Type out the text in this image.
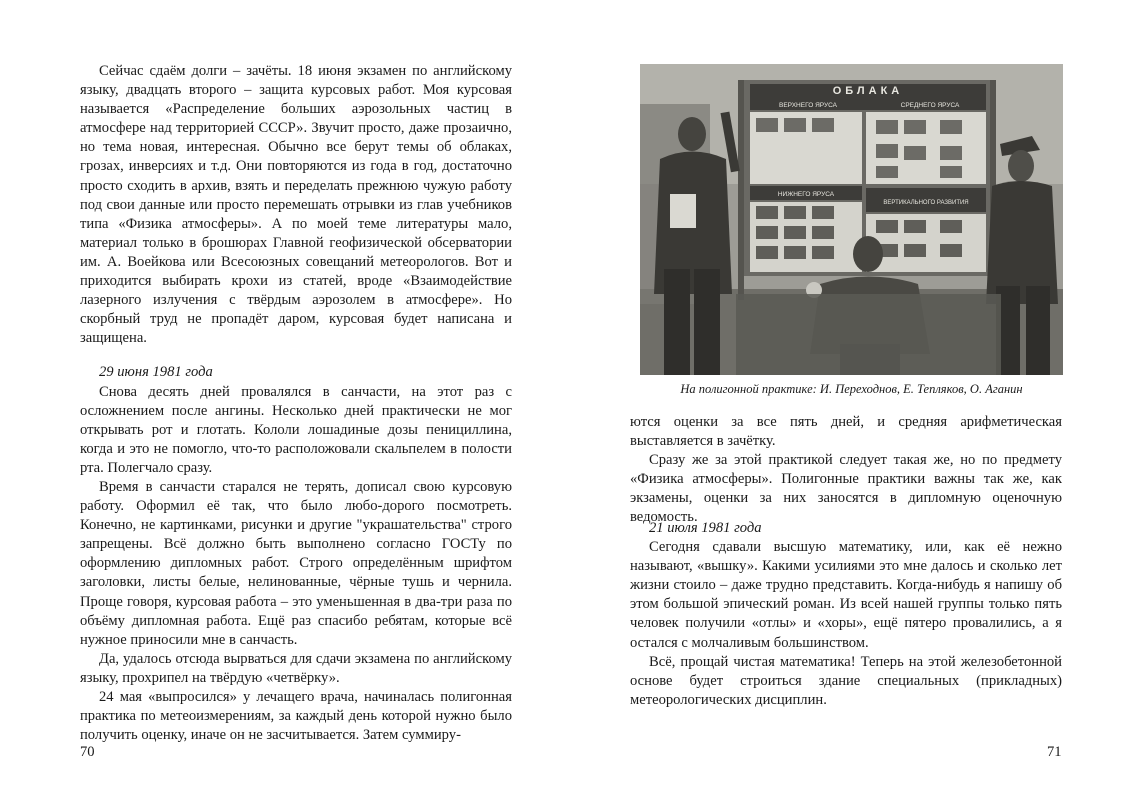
Сейчас сдаём долги – зачёты. 18 июня экзамен по английскому языку, двадцать второго – защита курсовых работ. Моя курсовая называется «Распределение больших аэрозольных частиц в атмосфере над территорией СССР». Звучит просто, даже прозаично, но тема новая, интересная. Обычно все берут темы об облаках, грозах, инверсиях и т.д. Они повторяются из года в год, достаточно просто сходить в архив, взять и переделать прежнюю чужую работу под свои данные или просто перемешать отрывки из глав учебников типа «Физика атмосферы». А по моей теме литературы мало, материал только в брошюрах Главной геофизической обсерватории им. А. Воейкова или Всесоюзных совещаний метеорологов. Вот и приходится выбирать крохи из статей, вроде «Взаимодействие лазерного излучения с твёрдым аэрозолем в атмосфере». Но скорбный труд не пропадёт даром, курсовая будет написана и защищена.

29 июня 1981 года

Снова десять дней провалялся в санчасти, на этот раз с осложнением после ангины. Несколько дней практически не мог открывать рот и глотать. Кололи лошадиные дозы пенициллина, когда и это не помогло, что-то расположовали скальпелем в полости рта. Полегчало сразу.

Время в санчасти старался не терять, дописал свою курсовую работу. Оформил её так, что было любо-дорого посмотреть. Конечно, не картинками, рисунки и другие "украшательства" строго запрещены. Всё должно быть выполнено согласно ГОСТу по оформлению дипломных работ. Строго определённым шрифтом заголовки, листы белые, нелинованные, чёрные тушь и чернила. Проще говоря, курсовая работа – это уменьшенная в два-три раза по объёму дипломная работа. Ещё раз спасибо ребятам, которые всё нужное приносили мне в санчасть.

Да, удалось отсюда вырваться для сдачи экзамена по английскому языку, прохрипел на твёрдую «четвёрку».

24 мая «выпросился» у лечащего врача, начиналась полигонная практика по метеоизмерениям, за каждый день которой нужно было получить оценку, иначе он не засчитывается. Затем суммиру-

70
ОБЛАКА
ВЕРХНЕГО ЯРУСА	СРЕДНЕГО ЯРУСА
НИЖНЕГО ЯРУСА
ВЕРТИКАЛЬНОГО РАЗВИТИЯ
На полигонной практике: И. Переходнов, Е. Тепляков, О. Аганин

ются оценки за все пять дней, и средняя арифметическая выставляется в зачётку.

Сразу же за этой практикой следует такая же, но по предмету «Физика атмосферы». Полигонные практики важны так же, как экзамены, оценки за них заносятся в дипломную оценочную ведомость.

21 июля 1981 года

Сегодня сдавали высшую математику, или, как её нежно называют, «вышку». Какими усилиями это мне далось и сколько лет жизни стоило – даже трудно представить. Когда-нибудь я напишу об этом большой эпический роман. Из всей нашей группы только пять человек получили «отлы» и «хоры», ещё пятеро провалились, а я остался с молчаливым большинством.

Всё, прощай чистая математика! Теперь на этой железобетонной основе будет строиться здание специальных (прикладных) метеорологических дисциплин.

71
